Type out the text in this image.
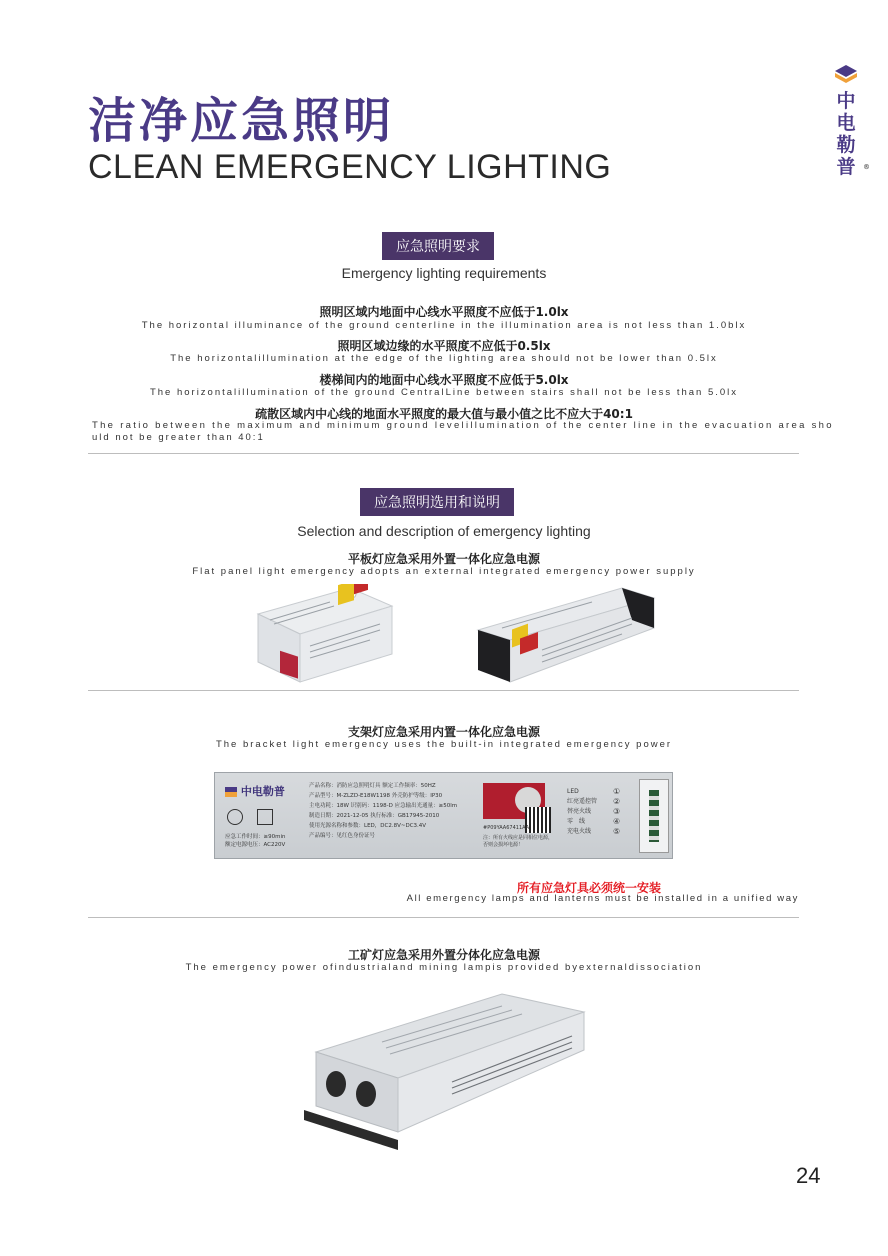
洁净应急照明
CLEAN EMERGENCY LIGHTING
中
电
勒
普 ®
应急照明要求
Emergency lighting requirements
照明区域内地面中心线水平照度不应低于1.0lx
The horizontal illuminance of the ground centerline in the illumination area is not less than 1.0blx
照明区域边缘的水平照度不应低于0.5lx
The horizontalillumination at the edge of the lighting area should not be lower than 0.5lx
楼梯间内的地面中心线水平照度不应低于5.0lx
The horizontalillumination of the ground CentralLine between stairs shall not be less than 5.0lx
疏散区域内中心线的地面水平照度的最大值与最小值之比不应大于40:1
The ratio between the maximum and minimum ground levelillumination of the center line in the evacuation area sho
uld not be greater than 40:1
应急照明选用和说明
Selection and description of emergency lighting
平板灯应急采用外置一体化应急电源
Flat panel light emergency adopts an external integrated emergency power supply
支架灯应急采用内置一体化应急电源
The bracket light emergency uses the built-in integrated emergency power
中电勒普
应急工作时间：≥90min
额定电源电压：AC220V
产品名称：消防应急照明灯具 额定工作频率：50HZ
产品型号：M-ZLZD-E18W1198 外壳防护等级：IP30
主电功耗：18W 识别码：1198-D 应急输出光通量：≥50lm
制造日期：2021-12-05 执行标准：GB17945-2010
使用光源名称和参数：LED，DC2.8V~DC3.4V
产品编号：见红色身份证号
#P09YAA67411AA
注：所有火线应是同相位电源，否则会损坏电源！
LED
红亮遥控管
替亮火线
零　线
充电火线
①
②
③
④
⑤
所有应急灯具必须统一安装
All emergency lamps and lanterns must be installed in a unified way
工矿灯应急采用外置分体化应急电源
The emergency power ofindustrialand mining lampis provided byexternaldissociation
24
